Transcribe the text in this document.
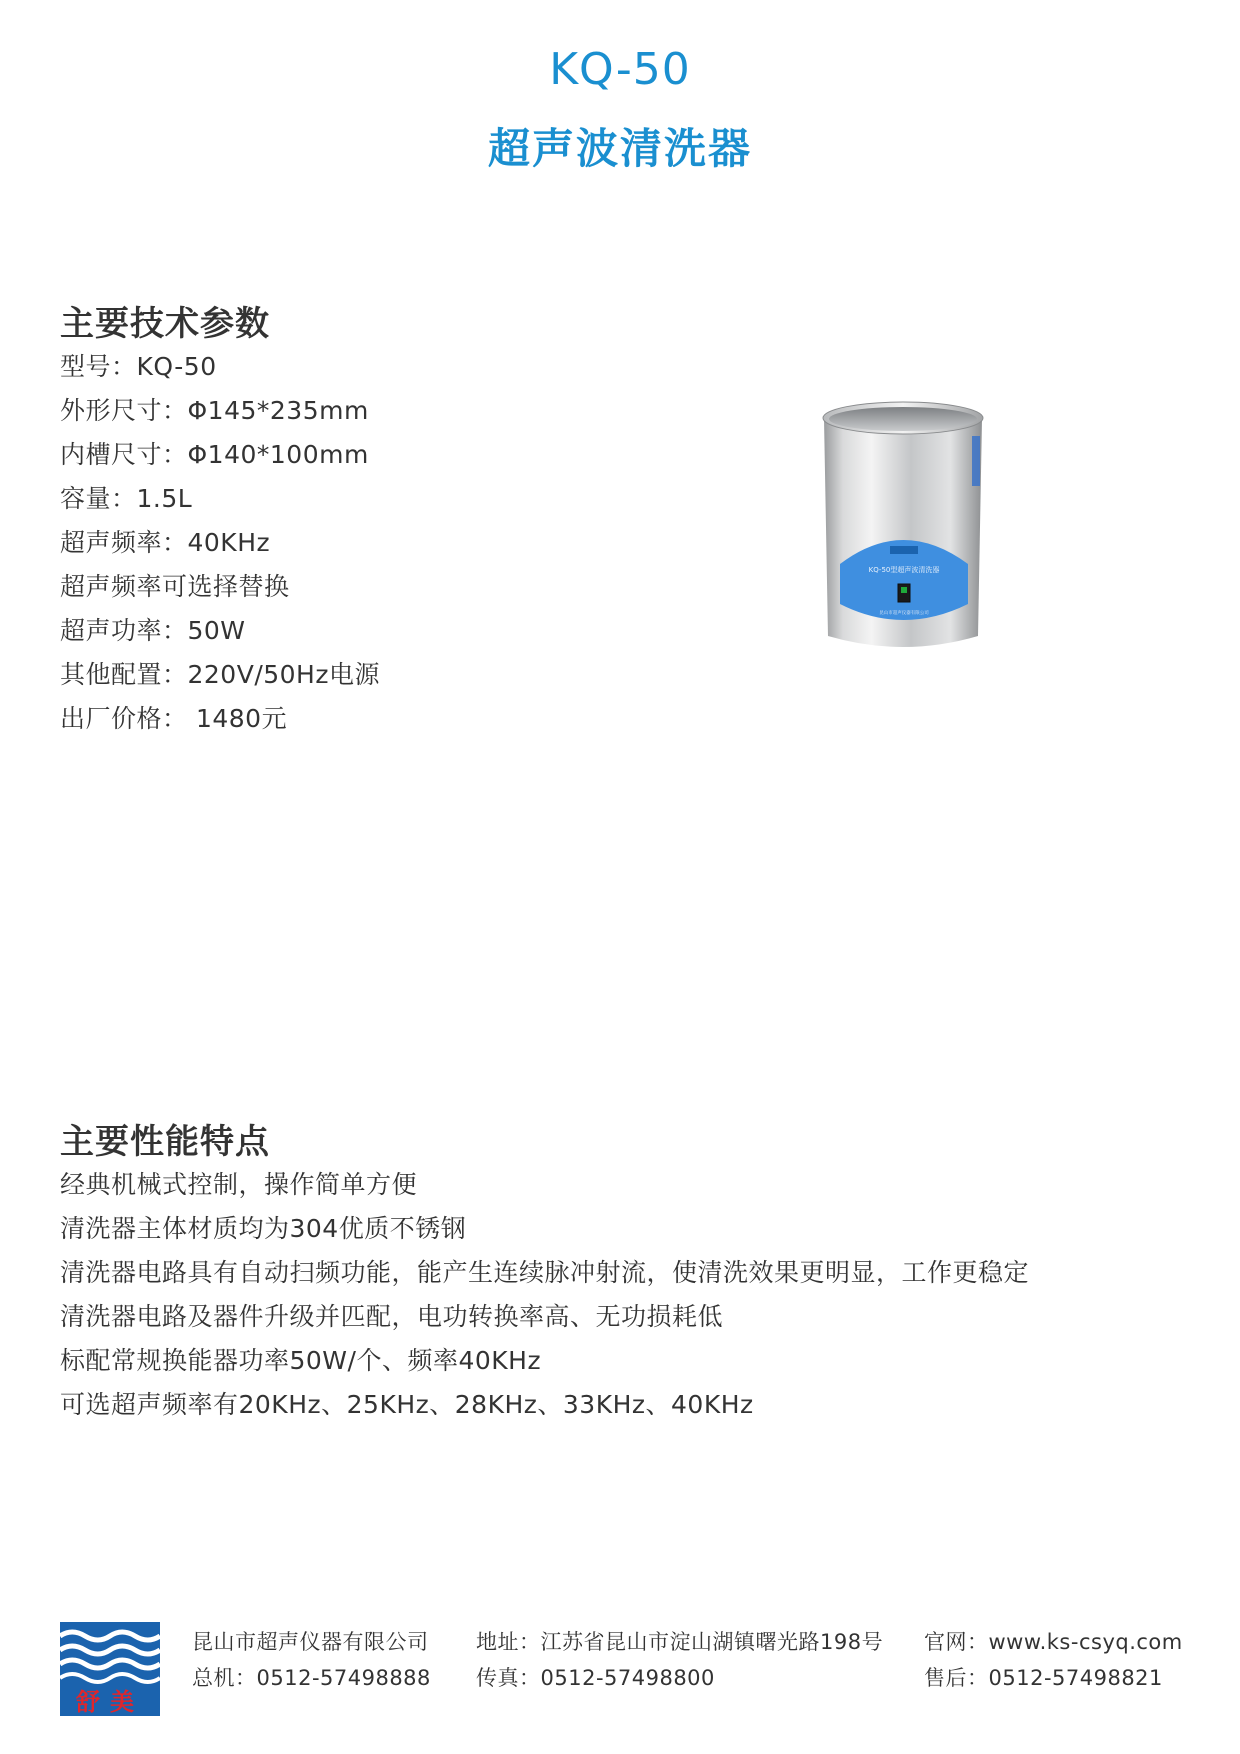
KQ-50
超声波清洗器
主要技术参数
型号：KQ-50
外形尺寸：Φ145*235mm
内槽尺寸：Φ140*100mm
容量：1.5L
超声频率：40KHz
超声频率可选择替换
超声功率：50W
其他配置：220V/50Hz电源
出厂价格： 1480元
KQ-50型超声波清洗器
昆山市超声仪器有限公司
主要性能特点
经典机械式控制，操作简单方便
清洗器主体材质均为304优质不锈钢
清洗器电路具有自动扫频功能，能产生连续脉冲射流，使清洗效果更明显，工作更稳定
清洗器电路及器件升级并匹配，电功转换率高、无功损耗低
标配常规换能器功率50W/个、频率40KHz
可选超声频率有20KHz、25KHz、28KHz、33KHz、40KHz
舒美
昆山市超声仪器有限公司
总机：0512-57498888
地址：江苏省昆山市淀山湖镇曙光路198号
传真：0512-57498800
官网：www.ks-csyq.com
售后：0512-57498821
